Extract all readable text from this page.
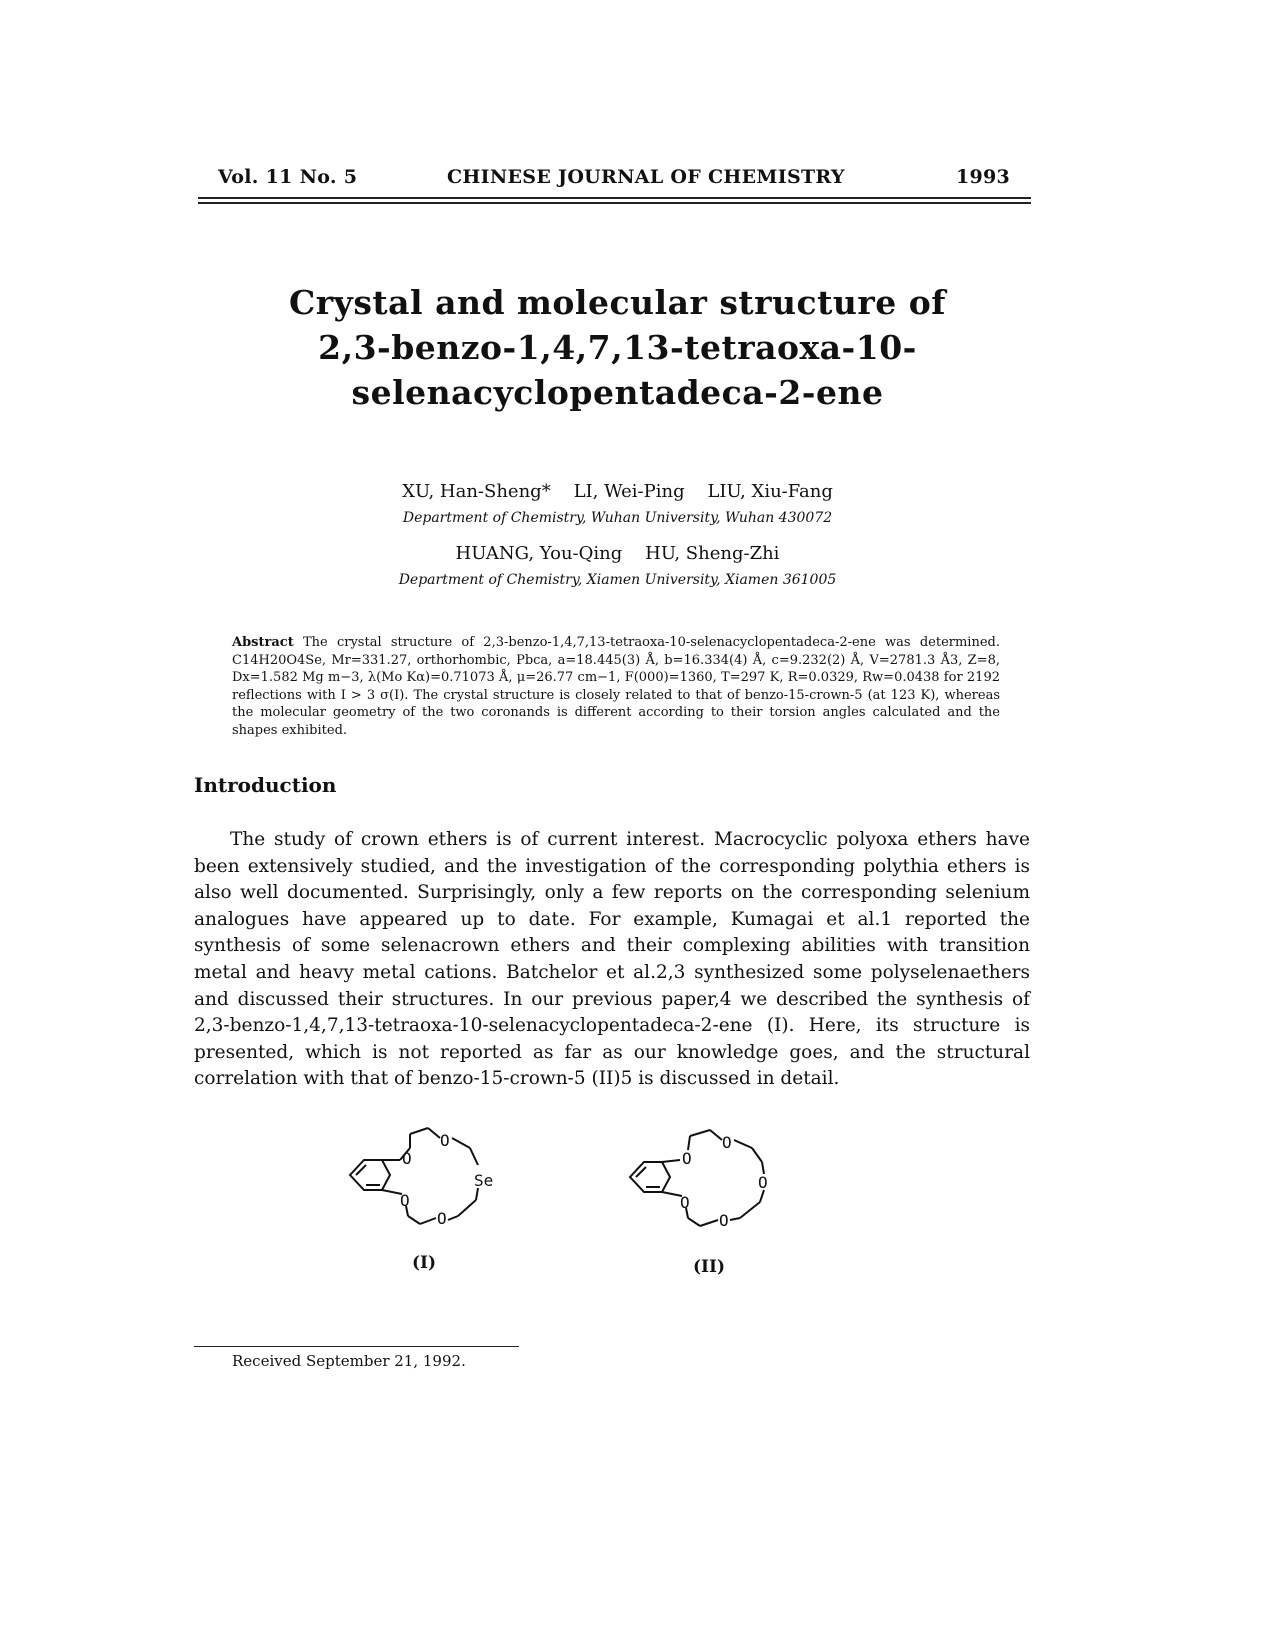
Vol. 11 No. 5	CHINESE JOURNAL OF CHEMISTRY	1993
Crystal and molecular structure of
2,3-benzo-1,4,7,13-tetraoxa-10-
selenacyclopentadeca-2-ene
XU, Han-Sheng*    LI, Wei-Ping    LIU, Xiu-Fang
Department of Chemistry, Wuhan University, Wuhan 430072
HUANG, You-Qing    HU, Sheng-Zhi
Department of Chemistry, Xiamen University, Xiamen 361005
Abstract The crystal structure of 2,3-benzo-1,4,7,13-tetraoxa-10-selenacyclopentadeca-2-ene was determined. C14H20O4Se, Mr=331.27, orthorhombic, Pbca, a=18.445(3) Å, b=16.334(4) Å, c=9.232(2) Å, V=2781.3 Å3, Z=8, Dx=1.582 Mg m−3, λ(Mo Kα)=0.71073 Å, μ=26.77 cm−1, F(000)=1360, T=297 K, R=0.0329, Rw=0.0438 for 2192 reflections with I > 3 σ(I). The crystal structure is closely related to that of benzo-15-crown-5 (at 123 K), whereas the molecular geometry of the two coronands is different according to their torsion angles calculated and the shapes exhibited.
Introduction
The study of crown ethers is of current interest. Macrocyclic polyoxa ethers have been extensively studied, and the investigation of the corresponding polythia ethers is also well documented. Surprisingly, only a few reports on the corresponding selenium analogues have appeared up to date. For example, Kumagai et al.1 reported the synthesis of some selenacrown ethers and their complexing abilities with transition metal and heavy metal cations. Batchelor et al.2,3 synthesized some polyselenaethers and discussed their structures. In our previous paper,4 we described the synthesis of 2,3-benzo-1,4,7,13-tetraoxa-10-selenacyclopentadeca-2-ene (I). Here, its structure is presented, which is not reported as far as our knowledge goes, and the structural correlation with that of benzo-15-crown-5 (II)5 is discussed in detail.
O
O
Se
O
O
(I)
O
O
O
O
O
(II)
Received September 21, 1992.
